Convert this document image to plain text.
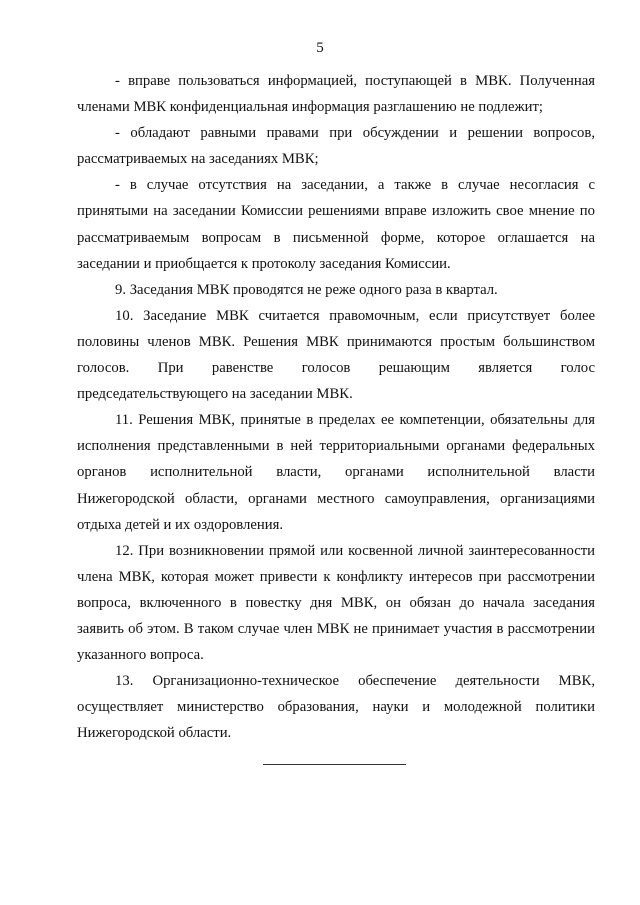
5

- вправе пользоваться информацией, поступающей в МВК. Полученная членами МВК конфиденциальная информация разглашению не подлежит;

- обладают равными правами при обсуждении и решении вопросов, рассматриваемых на заседаниях МВК;

- в случае отсутствия на заседании, а также в случае несогласия с принятыми на заседании Комиссии решениями вправе изложить свое мнение по рассматриваемым вопросам в письменной форме, которое оглашается на заседании и приобщается к протоколу заседания Комиссии.

9. Заседания МВК проводятся не реже одного раза в квартал.

10. Заседание МВК считается правомочным, если присутствует более половины членов МВК. Решения МВК принимаются простым большинством голосов. При равенстве голосов решающим является голос председательствующего на заседании МВК.

11. Решения МВК, принятые в пределах ее компетенции, обязательны для исполнения представленными в ней территориальными органами федеральных органов исполнительной власти, органами исполнительной власти Нижегородской области, органами местного самоуправления, организациями отдыха детей и их оздоровления.

12. При возникновении прямой или косвенной личной заинтересованности члена МВК, которая может привести к конфликту интересов при рассмотрении вопроса, включенного в повестку дня МВК, он обязан до начала заседания заявить об этом. В таком случае член МВК не принимает участия в рассмотрении указанного вопроса.

13. Организационно-техническое обеспечение деятельности МВК, осуществляет министерство образования, науки и молодежной политики Нижегородской области.
